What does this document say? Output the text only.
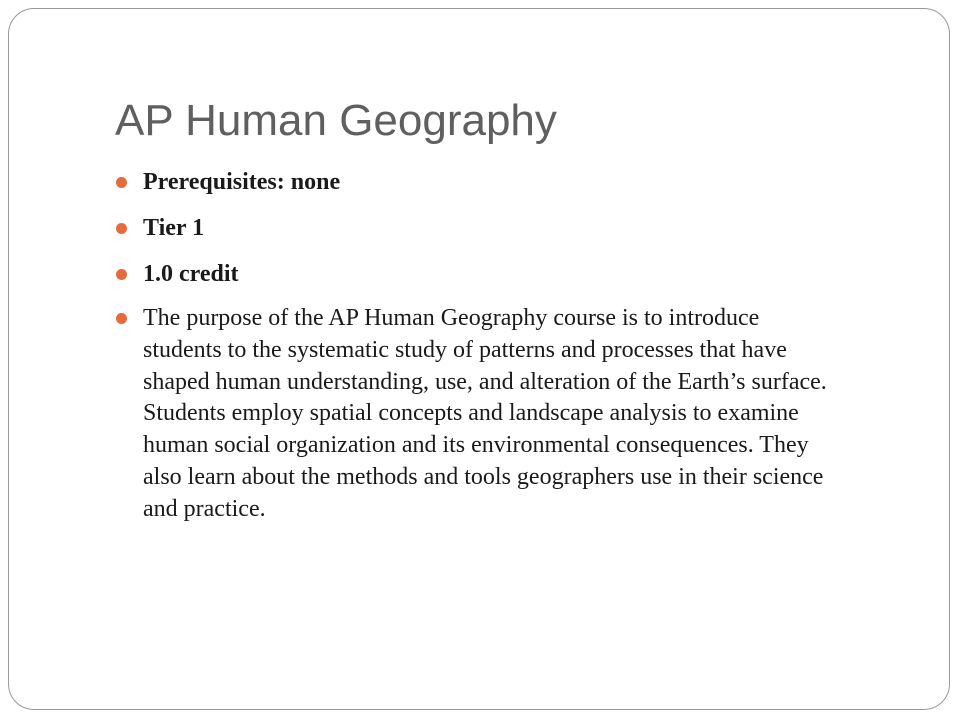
AP Human Geography
Prerequisites: none
Tier 1
1.0 credit
The purpose of the AP Human Geography course is to introduce students to the systematic study of patterns and processes that have shaped human understanding, use, and alteration of the Earth’s surface. Students employ spatial concepts and landscape analysis to examine human social organization and its environmental consequences. They also learn about the methods and tools geographers use in their science and practice.
